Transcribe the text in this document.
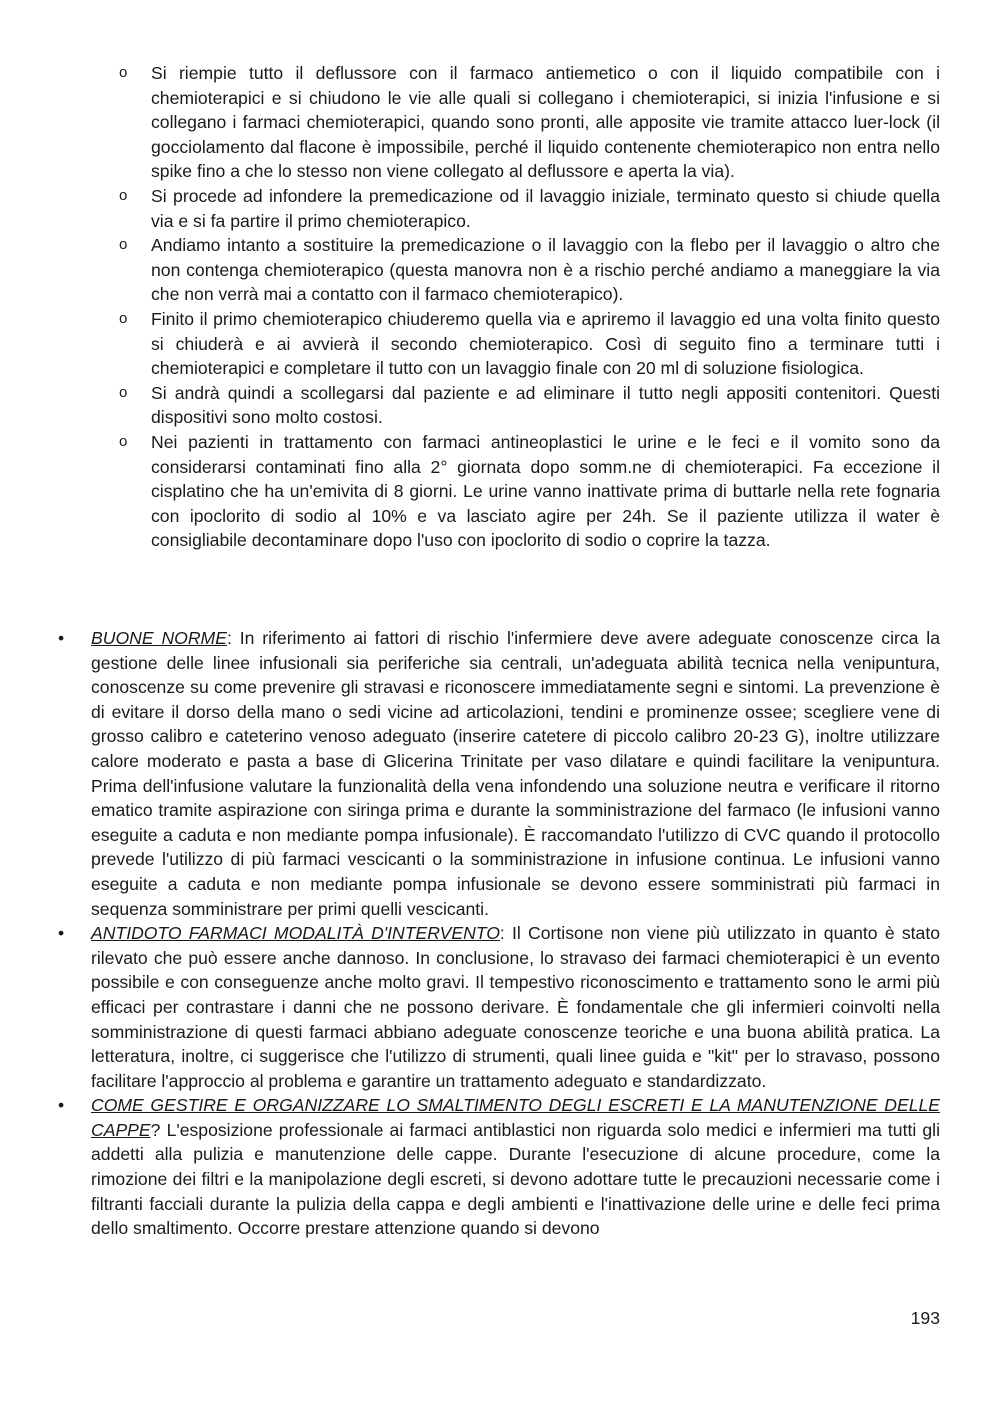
o Si riempie tutto il deflussore con il farmaco antiemetico o con il liquido compatibile con i chemioterapici e si chiudono le vie alle quali si collegano i chemioterapici, si inizia l'infusione e si collegano i farmaci chemioterapici, quando sono pronti, alle apposite vie tramite attacco luer-lock (il gocciolamento dal flacone è impossibile, perché il liquido contenente chemioterapico non entra nello spike fino a che lo stesso non viene collegato al deflussore e aperta la via).
o Si procede ad infondere la premedicazione od il lavaggio iniziale, terminato questo si chiude quella via e si fa partire il primo chemioterapico.
o Andiamo intanto a sostituire la premedicazione o il lavaggio con la flebo per il lavaggio o altro che non contenga chemioterapico (questa manovra non è a rischio perché andiamo a maneggiare la via che non verrà mai a contatto con il farmaco chemioterapico).
o Finito il primo chemioterapico chiuderemo quella via e apriremo il lavaggio ed una volta finito questo si chiuderà e ai avvierà il secondo chemioterapico. Così di seguito fino a terminare tutti i chemioterapici e completare il tutto con un lavaggio finale con 20 ml di soluzione fisiologica.
o Si andrà quindi a scollegarsi dal paziente e ad eliminare il tutto negli appositi contenitori. Questi dispositivi sono molto costosi.
o Nei pazienti in trattamento con farmaci antineoplastici le urine e le feci e il vomito sono da considerarsi contaminati fino alla 2° giornata dopo somm.ne di chemioterapici. Fa eccezione il cisplatino che ha un'emivita di 8 giorni. Le urine vanno inattivate prima di buttarle nella rete fognaria con ipoclorito di sodio al 10% e va lasciato agire per 24h. Se il paziente utilizza il water è consigliabile decontaminare dopo l'uso con ipoclorito di sodio o coprire la tazza.
• BUONE NORME: In riferimento ai fattori di rischio l'infermiere deve avere adeguate conoscenze circa la gestione delle linee infusionali sia periferiche sia centrali, un'adeguata abilità tecnica nella venipuntura, conoscenze su come prevenire gli stravasi e riconoscere immediatamente segni e sintomi. La prevenzione è di evitare il dorso della mano o sedi vicine ad articolazioni, tendini e prominenze ossee; scegliere vene di grosso calibro e cateterino venoso adeguato (inserire catetere di piccolo calibro 20-23 G), inoltre utilizzare calore moderato e pasta a base di Glicerina Trinitate per vaso dilatare e quindi facilitare la venipuntura. Prima dell'infusione valutare la funzionalità della vena infondendo una soluzione neutra e verificare il ritorno ematico tramite aspirazione con siringa prima e durante la somministrazione del farmaco (le infusioni vanno eseguite a caduta e non mediante pompa infusionale). È raccomandato l'utilizzo di CVC quando il protocollo prevede l'utilizzo di più farmaci vescicanti o la somministrazione in infusione continua. Le infusioni vanno eseguite a caduta e non mediante pompa infusionale se devono essere somministrati più farmaci in sequenza somministrare per primi quelli vescicanti.
• ANTIDOTO FARMACI MODALITÀ D'INTERVENTO: Il Cortisone non viene più utilizzato in quanto è stato rilevato che può essere anche dannoso. In conclusione, lo stravaso dei farmaci chemioterapici è un evento possibile e con conseguenze anche molto gravi. Il tempestivo riconoscimento e trattamento sono le armi più efficaci per contrastare i danni che ne possono derivare. È fondamentale che gli infermieri coinvolti nella somministrazione di questi farmaci abbiano adeguate conoscenze teoriche e una buona abilità pratica. La letteratura, inoltre, ci suggerisce che l'utilizzo di strumenti, quali linee guida e "kit" per lo stravaso, possono facilitare l'approccio al problema e garantire un trattamento adeguato e standardizzato.
• COME GESTIRE E ORGANIZZARE LO SMALTIMENTO DEGLI ESCRETI E LA MANUTENZIONE DELLE CAPPE? L'esposizione professionale ai farmaci antiblastici non riguarda solo medici e infermieri ma tutti gli addetti alla pulizia e manutenzione delle cappe. Durante l'esecuzione di alcune procedure, come la rimozione dei filtri e la manipolazione degli escreti, si devono adottare tutte le precauzioni necessarie come i filtranti facciali durante la pulizia della cappa e degli ambienti e l'inattivazione delle urine e delle feci prima dello smaltimento. Occorre prestare attenzione quando si devono
193
